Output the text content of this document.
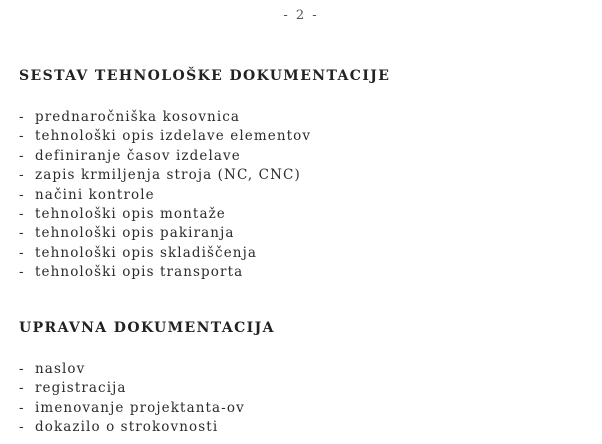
- 2 -
SESTAV TEHNOLOŠKE DOKUMENTACIJE
- prednaročniška kosovnica
- tehnološki opis izdelave elementov
- definiranje časov izdelave
- zapis krmiljenja stroja (NC, CNC)
- načini kontrole
- tehnološki opis montaže
- tehnološki opis pakiranja
- tehnološki opis skladiščenja
- tehnološki opis transporta
UPRAVNA DOKUMENTACIJA
- naslov
- registracija
- imenovanje projektanta-ov
- dokazilo o strokovnosti
